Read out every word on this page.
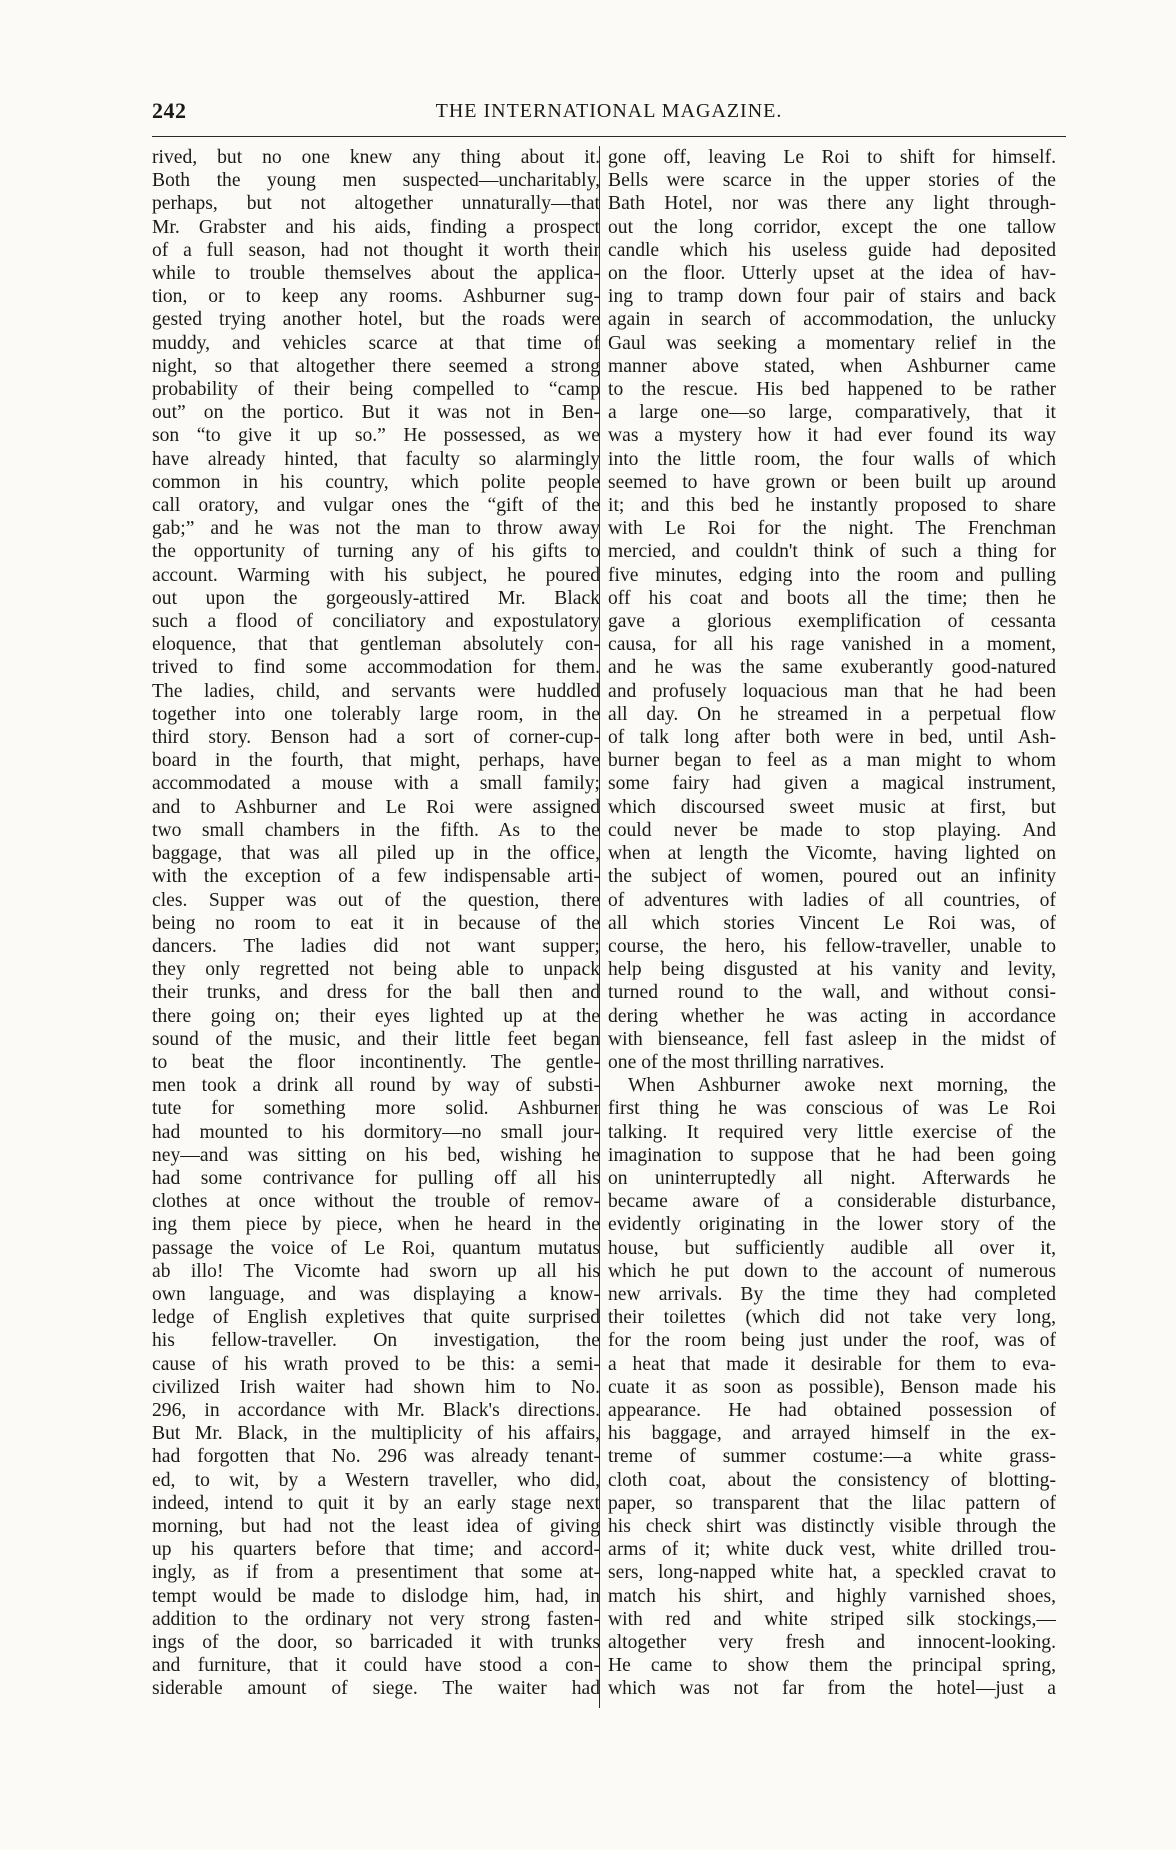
242	THE INTERNATIONAL MAGAZINE.
rived, but no one knew any thing about it.
Both the young men suspected—uncharitably,
perhaps, but not altogether unnaturally—that
Mr. Grabster and his aids, finding a prospect
of a full season, had not thought it worth their
while to trouble themselves about the applica-
tion, or to keep any rooms. Ashburner sug-
gested trying another hotel, but the roads were
muddy, and vehicles scarce at that time of
night, so that altogether there seemed a strong
probability of their being compelled to “camp
out” on the portico. But it was not in Ben-
son “to give it up so.” He possessed, as we
have already hinted, that faculty so alarmingly
common in his country, which polite people
call oratory, and vulgar ones the “gift of the
gab;” and he was not the man to throw away
the opportunity of turning any of his gifts to
account. Warming with his subject, he poured
out upon the gorgeously-attired Mr. Black
such a flood of conciliatory and expostulatory
eloquence, that that gentleman absolutely con-
trived to find some accommodation for them.
The ladies, child, and servants were huddled
together into one tolerably large room, in the
third story. Benson had a sort of corner-cup-
board in the fourth, that might, perhaps, have
accommodated a mouse with a small family;
and to Ashburner and Le Roi were assigned
two small chambers in the fifth. As to the
baggage, that was all piled up in the office,
with the exception of a few indispensable arti-
cles. Supper was out of the question, there
being no room to eat it in because of the
dancers. The ladies did not want supper;
they only regretted not being able to unpack
their trunks, and dress for the ball then and
there going on; their eyes lighted up at the
sound of the music, and their little feet began
to beat the floor incontinently. The gentle-
men took a drink all round by way of substi-
tute for something more solid. Ashburner
had mounted to his dormitory—no small jour-
ney—and was sitting on his bed, wishing he
had some contrivance for pulling off all his
clothes at once without the trouble of remov-
ing them piece by piece, when he heard in the
passage the voice of Le Roi, quantum mutatus
ab illo! The Vicomte had sworn up all his
own language, and was displaying a know-
ledge of English expletives that quite surprised
his fellow-traveller. On investigation, the
cause of his wrath proved to be this: a semi-
civilized Irish waiter had shown him to No.
296, in accordance with Mr. Black's directions.
But Mr. Black, in the multiplicity of his affairs,
had forgotten that No. 296 was already tenant-
ed, to wit, by a Western traveller, who did,
indeed, intend to quit it by an early stage next
morning, but had not the least idea of giving
up his quarters before that time; and accord-
ingly, as if from a presentiment that some at-
tempt would be made to dislodge him, had, in
addition to the ordinary not very strong fasten-
ings of the door, so barricaded it with trunks
and furniture, that it could have stood a con-
siderable amount of siege. The waiter had
gone off, leaving Le Roi to shift for himself.
Bells were scarce in the upper stories of the
Bath Hotel, nor was there any light through-
out the long corridor, except the one tallow
candle which his useless guide had deposited
on the floor. Utterly upset at the idea of hav-
ing to tramp down four pair of stairs and back
again in search of accommodation, the unlucky
Gaul was seeking a momentary relief in the
manner above stated, when Ashburner came
to the rescue. His bed happened to be rather
a large one—so large, comparatively, that it
was a mystery how it had ever found its way
into the little room, the four walls of which
seemed to have grown or been built up around
it; and this bed he instantly proposed to share
with Le Roi for the night. The Frenchman
mercied, and couldn't think of such a thing for
five minutes, edging into the room and pulling
off his coat and boots all the time; then he
gave a glorious exemplification of cessanta
causa, for all his rage vanished in a moment,
and he was the same exuberantly good-natured
and profusely loquacious man that he had been
all day. On he streamed in a perpetual flow
of talk long after both were in bed, until Ash-
burner began to feel as a man might to whom
some fairy had given a magical instrument,
which discoursed sweet music at first, but
could never be made to stop playing. And
when at length the Vicomte, having lighted on
the subject of women, poured out an infinity
of adventures with ladies of all countries, of
all which stories Vincent Le Roi was, of
course, the hero, his fellow-traveller, unable to
help being disgusted at his vanity and levity,
turned round to the wall, and without consi-
dering whether he was acting in accordance
with bienseance, fell fast asleep in the midst of
one of the most thrilling narratives.
When Ashburner awoke next morning, the
first thing he was conscious of was Le Roi
talking. It required very little exercise of the
imagination to suppose that he had been going
on uninterruptedly all night. Afterwards he
became aware of a considerable disturbance,
evidently originating in the lower story of the
house, but sufficiently audible all over it,
which he put down to the account of numerous
new arrivals. By the time they had completed
their toilettes (which did not take very long,
for the room being just under the roof, was of
a heat that made it desirable for them to eva-
cuate it as soon as possible), Benson made his
appearance. He had obtained possession of
his baggage, and arrayed himself in the ex-
treme of summer costume:—a white grass-
cloth coat, about the consistency of blotting-
paper, so transparent that the lilac pattern of
his check shirt was distinctly visible through the
arms of it; white duck vest, white drilled trou-
sers, long-napped white hat, a speckled cravat to
match his shirt, and highly varnished shoes,
with red and white striped silk stockings,—
altogether very fresh and innocent-looking.
He came to show them the principal spring,
which was not far from the hotel—just a
